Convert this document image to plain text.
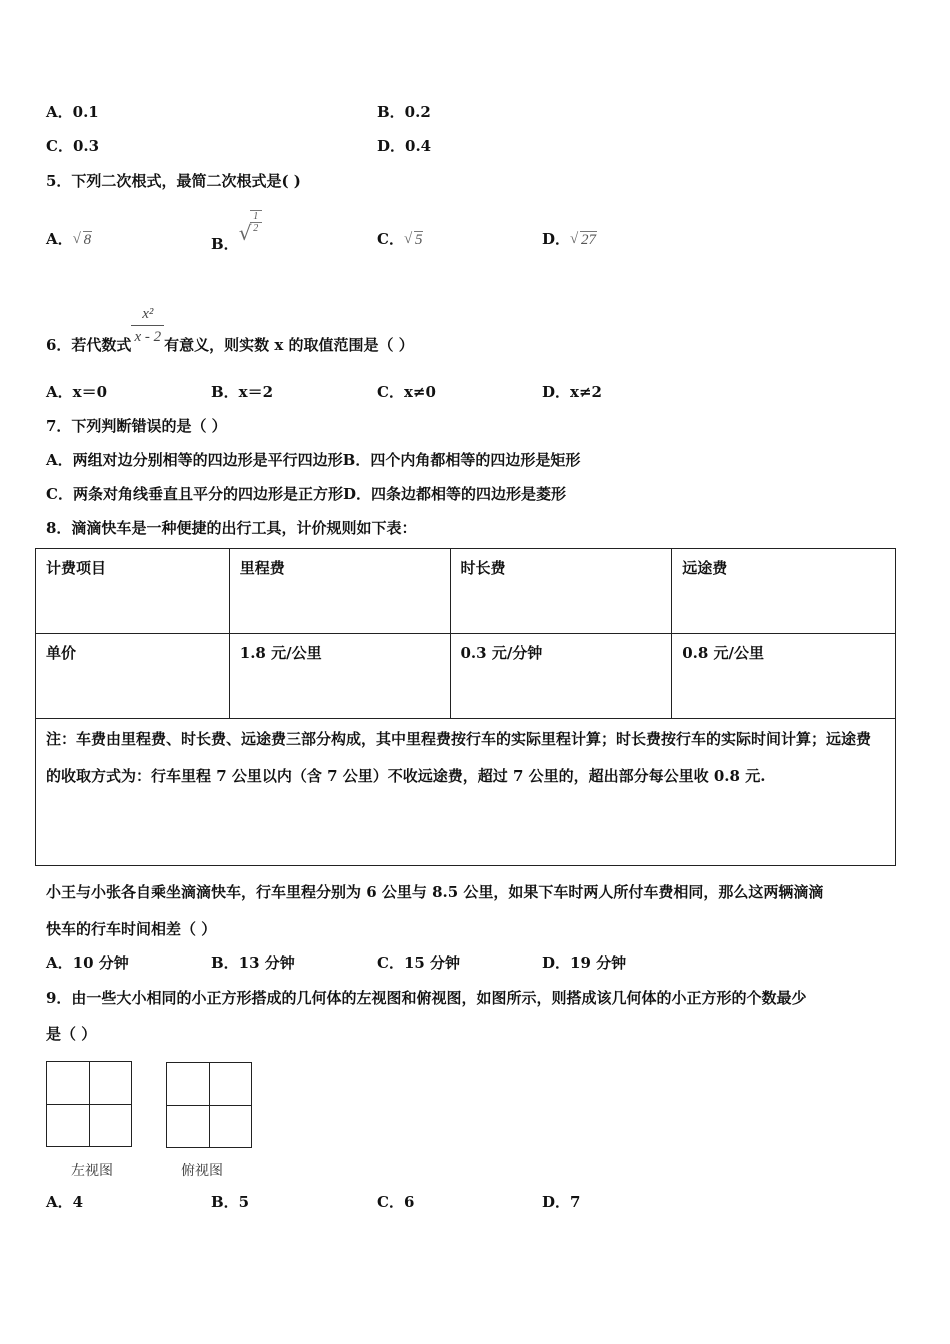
A．0.1	B．0.2
C．0.3	D．0.4
5．下列二次根式，最简二次根式是( )
A． √ 8	B． √
$\frac{1}{2}$
C． √ 5	D． √ 27
6．若代数式 $\frac{\text{x²}}{x - 2}$ 有意义，则实数 x 的取值范围是（ ）
A．x＝0	B．x＝2	C．x≠0	D．x≠2
7．下列判断错误的是（ ）
A．两组对边分别相等的四边形是平行四边形B．四个内角都相等的四边形是矩形
C．两条对角线垂直且平分的四边形是正方形D．四条边都相等的四边形是菱形
8．滴滴快车是一种便捷的出行工具，计价规则如下表：
计费项目	里程费	时长费	远途费
单价	1.8 元/公里	0.3 元/分钟	0.8 元/公里
注：车费由里程费、时长费、远途费三部分构成，其中里程费按行车的实际里程计算；时长费按行车的实际时间计算；远途费的收取方式为：行车里程 7 公里以内（含 7 公里）不收远途费，超过 7 公里的，超出部分每公里收 0.8 元.			
小王与小张各自乘坐滴滴快车，行车里程分别为 6 公里与 8.5 公里，如果下车时两人所付车费相同，那么这两辆滴滴
快车的行车时间相差（ ）
A．10 分钟	B．13 分钟	C．15 分钟	D．19 分钟
9．由一些大小相同的小正方形搭成的几何体的左视图和俯视图，如图所示，则搭成该几何体的小正方形的个数最少
是（ ）
左视图	俯视图
A．4	B．5	C．6	D．7
